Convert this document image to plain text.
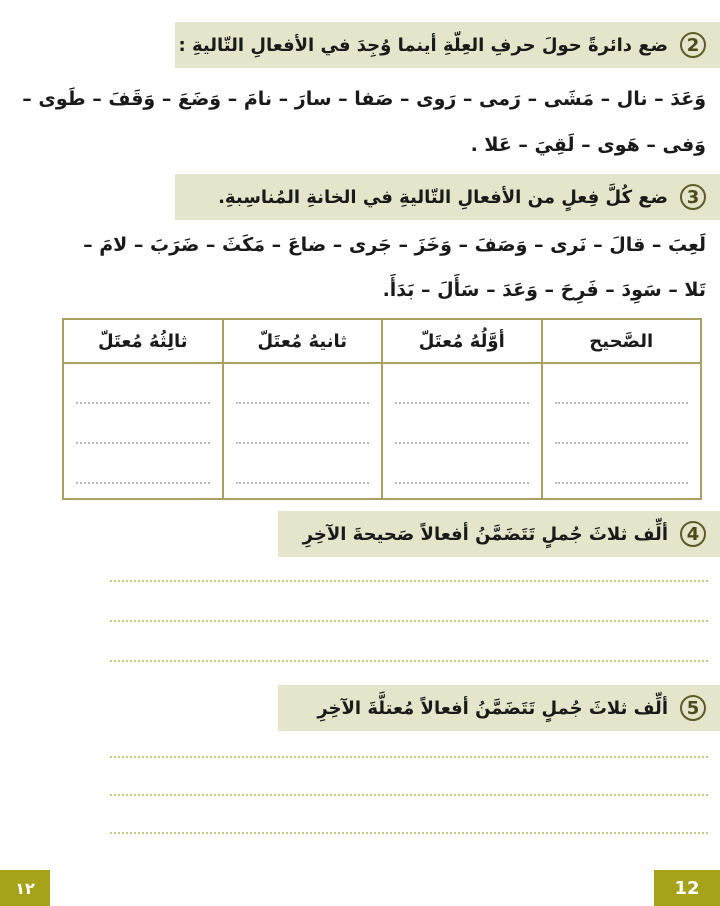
2
ضع دائرةً حولَ حرفِ العِلّةِ أينما وُجِدَ في الأفعالِ التّاليةِ :
وَعَدَ – نال – مَشَى – رَمى – رَوى – صَفا – سارَ – نامَ – وَضَعَ – وَقَفَ – طَوى –
وَفى – هَوى – لَقِيَ – عَلا .
3
ضع كُلَّ فِعلٍ من الأفعالِ التّاليةِ في الخانةِ المُناسِبةِ.
لَعِبَ – قالَ – نَرى – وَصَفَ – وَخَزَ – جَرى – ضاعَ – مَكَثَ – ضَرَبَ – لامَ –
تَلا – سَوِدَ – فَرِحَ – وَعَدَ – سَأَلَ – بَدَأَ.
الصَّحيح	أوَّلُهُ مُعتَلّ	ثانيهُ مُعتَلّ	ثالِثُهُ مُعتَلّ

4
ألِّف ثلاثَ جُملٍ تَتَضَمَّنُ أفعالاً صَحيحةَ الآخِرِ
5
ألِّف ثلاثَ جُملٍ تَتَضَمَّنُ أفعالاً مُعتلَّةَ الآخِرِ
١٢	12
